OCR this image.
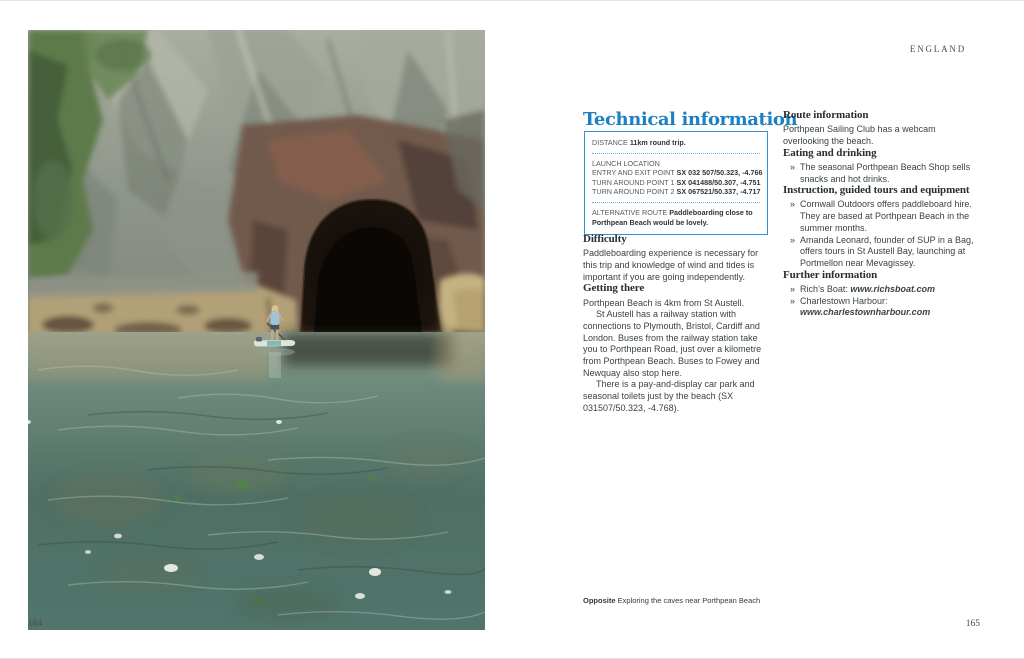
164	165
ENGLAND
Technical information
DISTANCE 11km round trip.
LAUNCH LOCATION
ENTRY AND EXIT POINT SX 032 507/50.323, -4.766
TURN AROUND POINT 1 SX 041488/50.307, -4.751
TURN AROUND POINT 2 SX 067521/50.337, -4.717
ALTERNATIVE ROUTE Paddleboarding close to Porthpean Beach would be lovely.
Difficulty

Paddleboarding experience is necessary for this trip and knowledge of wind and tides is important if you are going independently.

Getting there

Porthpean Beach is 4km from St Austell.

St Austell has a railway station with connections to Plymouth, Bristol, Cardiff and London. Buses from the railway station take you to Porthpean Road, just over a kilometre from Porthpean Beach. Buses to Fowey and Newquay also stop here.

There is a pay-and-display car park and seasonal toilets just by the beach (SX 031507/50.323, -4.768).

Route information

Porthpean Sailing Club has a webcam overlooking the beach.

Eating and drinking

» The seasonal Porthpean Beach Shop sells snacks and hot drinks.

Instruction, guided tours and equipment

» Cornwall Outdoors offers paddleboard hire. They are based at Porthpean Beach in the summer months.

» Amanda Leonard, founder of SUP in a Bag, offers tours in St Austell Bay, launching at Portmellon near Mevagissey.

Further information

» Rich’s Boat: www.richsboat.com

» Charlestown Harbour:
www.charlestownharbour.com

Opposite Exploring the caves near Porthpean Beach
